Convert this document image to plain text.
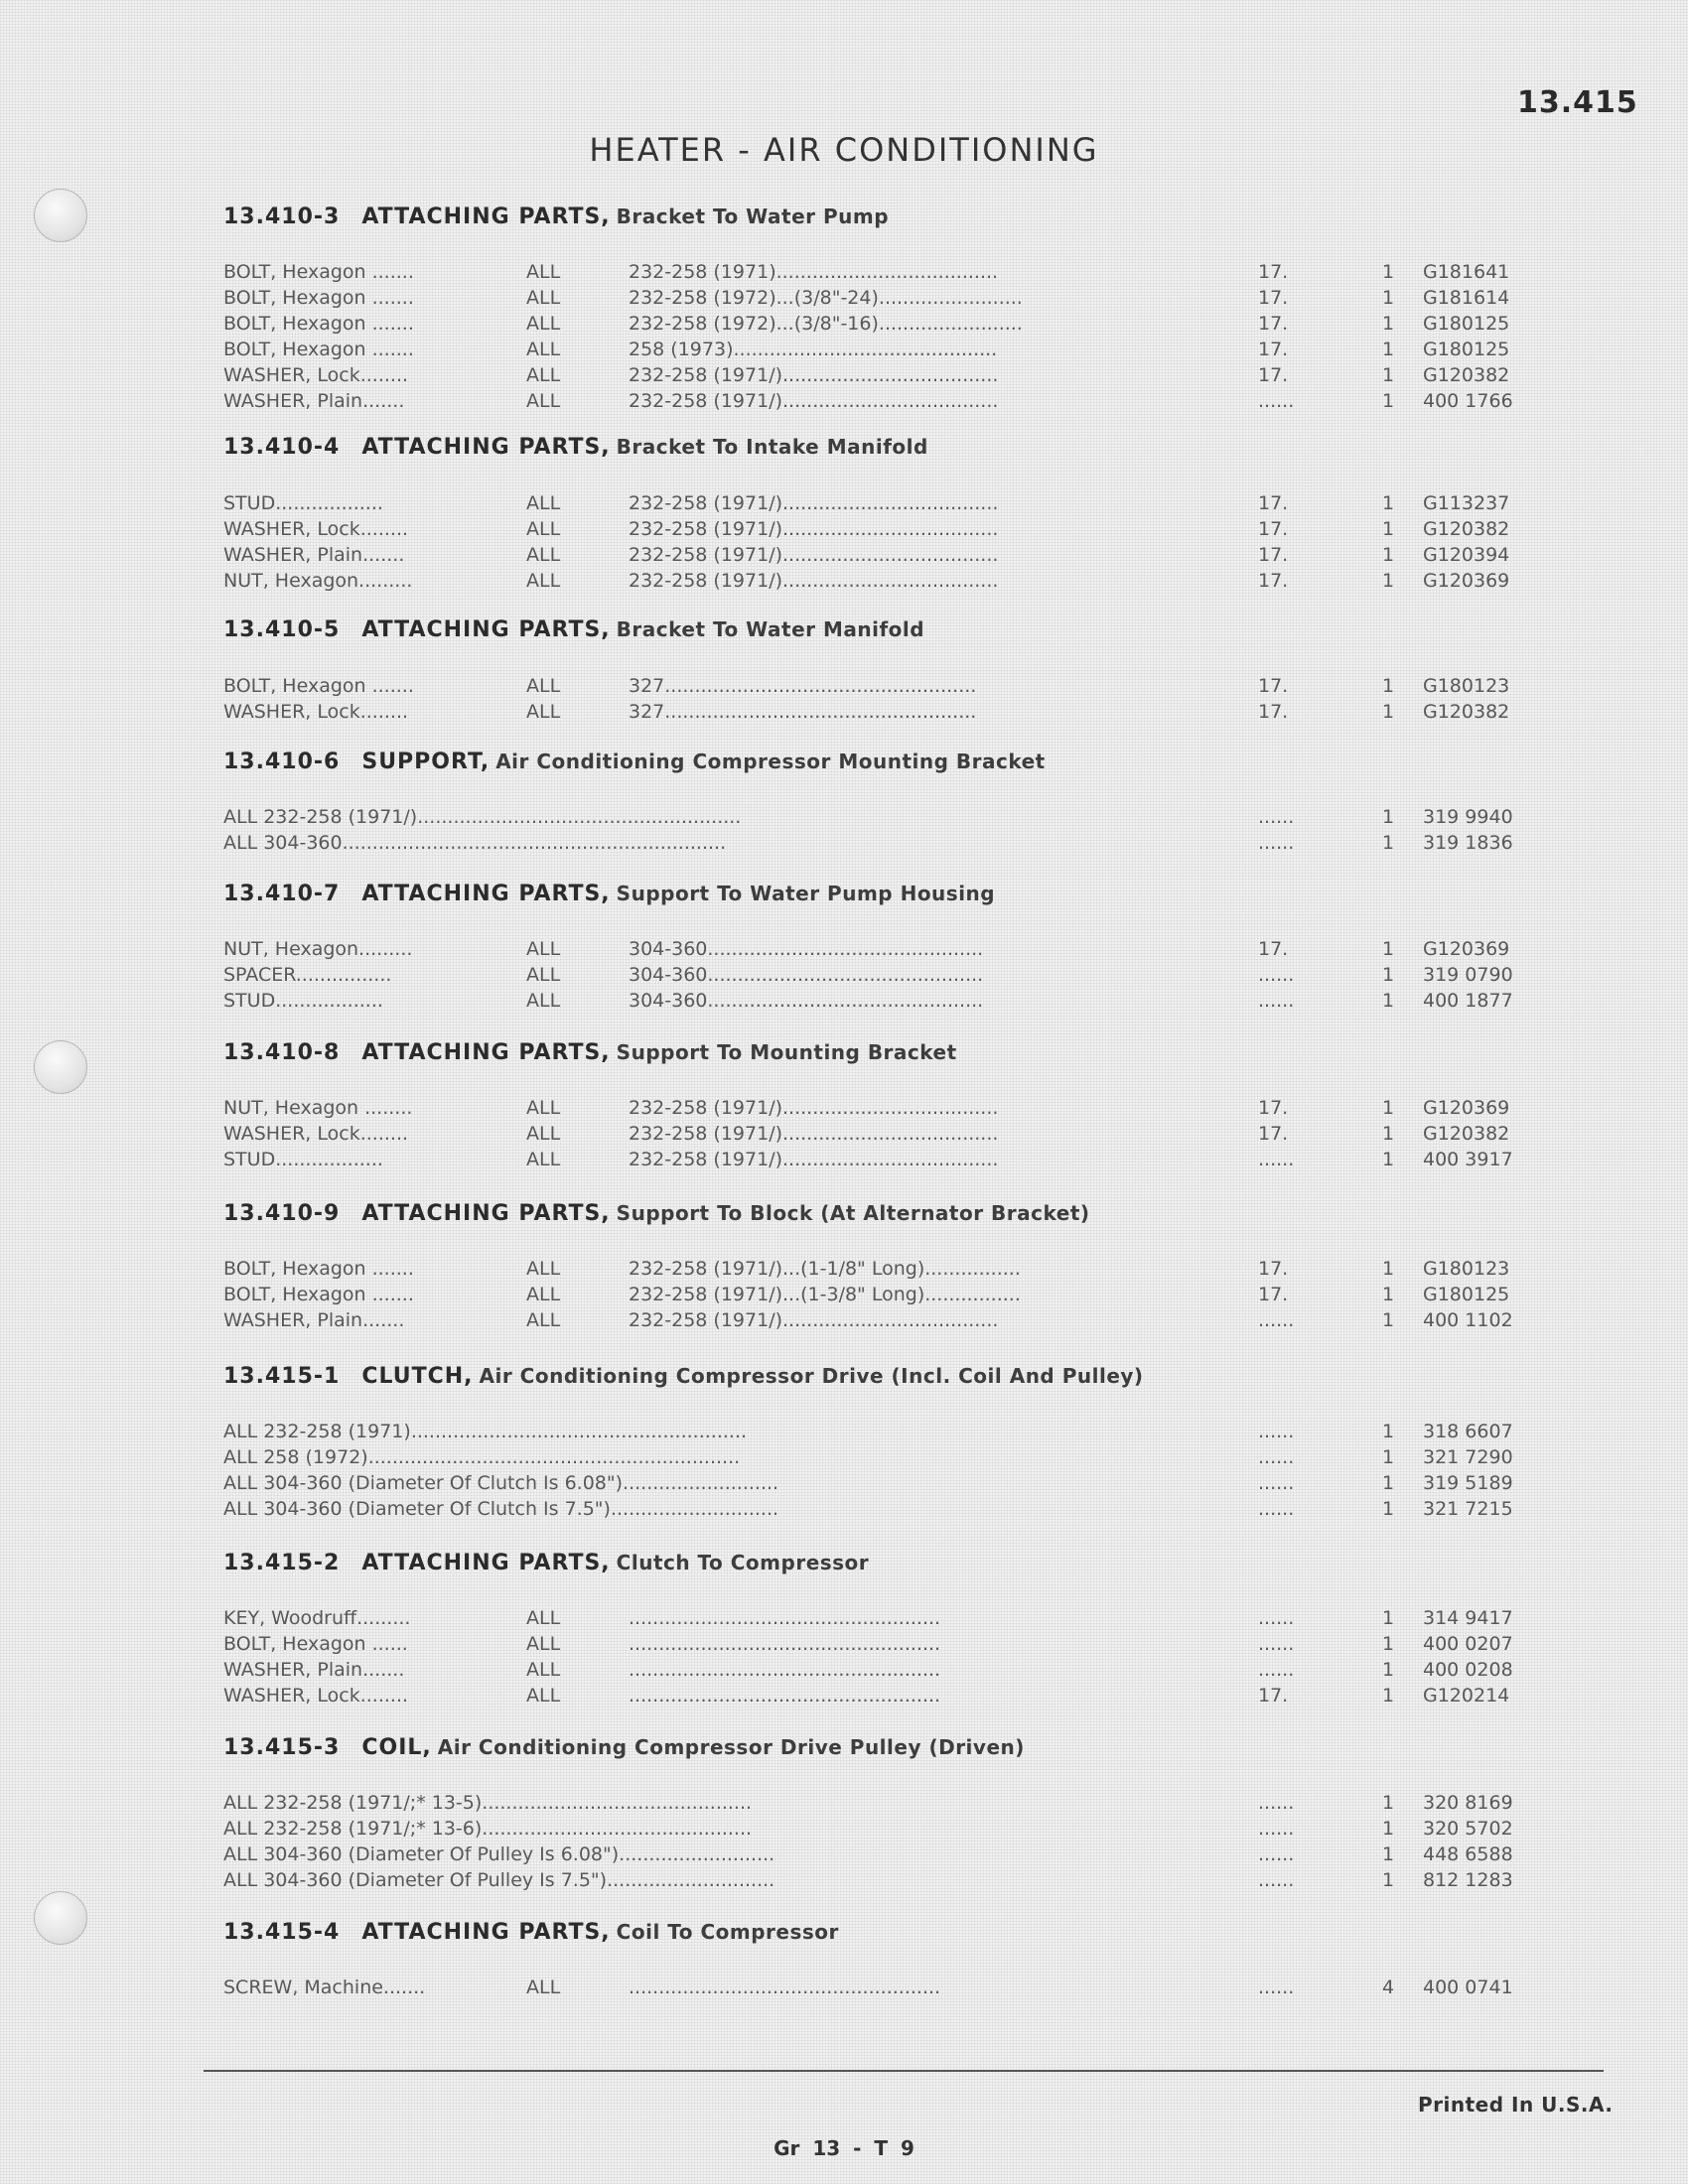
13.415
HEATER - AIR CONDITIONING
13.410-3 ATTACHING PARTS, Bracket To Water Pump
BOLT, Hexagon .......	ALL	232-258 (1971).....................................	17.	1 G181641
BOLT, Hexagon .......	ALL	232-258 (1972)...(3/8"-24)........................	17.	1 G181614
BOLT, Hexagon .......	ALL	232-258 (1972)...(3/8"-16)........................	17.	1 G180125
BOLT, Hexagon .......	ALL	258 (1973)............................................	17.	1 G180125
WASHER, Lock........	ALL	232-258 (1971/)....................................	17.	1 G120382
WASHER, Plain.......	ALL	232-258 (1971/)....................................	......	1 400 1766
13.410-4 ATTACHING PARTS, Bracket To Intake Manifold
STUD..................	ALL	232-258 (1971/)....................................	17.	1 G113237
WASHER, Lock........	ALL	232-258 (1971/)....................................	17.	1 G120382
WASHER, Plain.......	ALL	232-258 (1971/)....................................	17.	1 G120394
NUT, Hexagon.........	ALL	232-258 (1971/)....................................	17.	1 G120369
13.410-5 ATTACHING PARTS, Bracket To Water Manifold
BOLT, Hexagon .......	ALL	327....................................................	17.	1 G180123
WASHER, Lock........	ALL	327....................................................	17.	1 G120382
13.410-6 SUPPORT, Air Conditioning Compressor Mounting Bracket
ALL 232-258 (1971/)......................................................	......	1 319 9940
ALL 304-360................................................................	......	1 319 1836
13.410-7 ATTACHING PARTS, Support To Water Pump Housing
NUT, Hexagon.........	ALL	304-360..............................................	17.	1 G120369
SPACER................	ALL	304-360..............................................	......	1 319 0790
STUD..................	ALL	304-360..............................................	......	1 400 1877
13.410-8 ATTACHING PARTS, Support To Mounting Bracket
NUT, Hexagon ........	ALL	232-258 (1971/)....................................	17.	1 G120369
WASHER, Lock........	ALL	232-258 (1971/)....................................	17.	1 G120382
STUD..................	ALL	232-258 (1971/)....................................	......	1 400 3917
13.410-9 ATTACHING PARTS, Support To Block (At Alternator Bracket)
BOLT, Hexagon .......	ALL	232-258 (1971/)...(1-1/8" Long)................	17.	1 G180123
BOLT, Hexagon .......	ALL	232-258 (1971/)...(1-3/8" Long)................	17.	1 G180125
WASHER, Plain.......	ALL	232-258 (1971/)....................................	......	1 400 1102
13.415-1 CLUTCH, Air Conditioning Compressor Drive (Incl. Coil And Pulley)
ALL 232-258 (1971)........................................................	......	1 318 6607
ALL 258 (1972)..............................................................	......	1 321 7290
ALL 304-360 (Diameter Of Clutch Is 6.08")..........................	......	1 319 5189
ALL 304-360 (Diameter Of Clutch Is 7.5")............................	......	1 321 7215
13.415-2 ATTACHING PARTS, Clutch To Compressor
KEY, Woodruff.........	ALL	....................................................	......	1 314 9417
BOLT, Hexagon ......	ALL	....................................................	......	1 400 0207
WASHER, Plain.......	ALL	....................................................	......	1 400 0208
WASHER, Lock........	ALL	....................................................	17.	1 G120214
13.415-3 COIL, Air Conditioning Compressor Drive Pulley (Driven)
ALL 232-258 (1971/;* 13-5).............................................	......	1 320 8169
ALL 232-258 (1971/;* 13-6).............................................	......	1 320 5702
ALL 304-360 (Diameter Of Pulley Is 6.08")..........................	......	1 448 6588
ALL 304-360 (Diameter Of Pulley Is 7.5")............................	......	1 812 1283
13.415-4 ATTACHING PARTS, Coil To Compressor
SCREW, Machine.......	ALL	....................................................	......	4 400 0741
Printed In U.S.A.
Gr 13 - T 9
